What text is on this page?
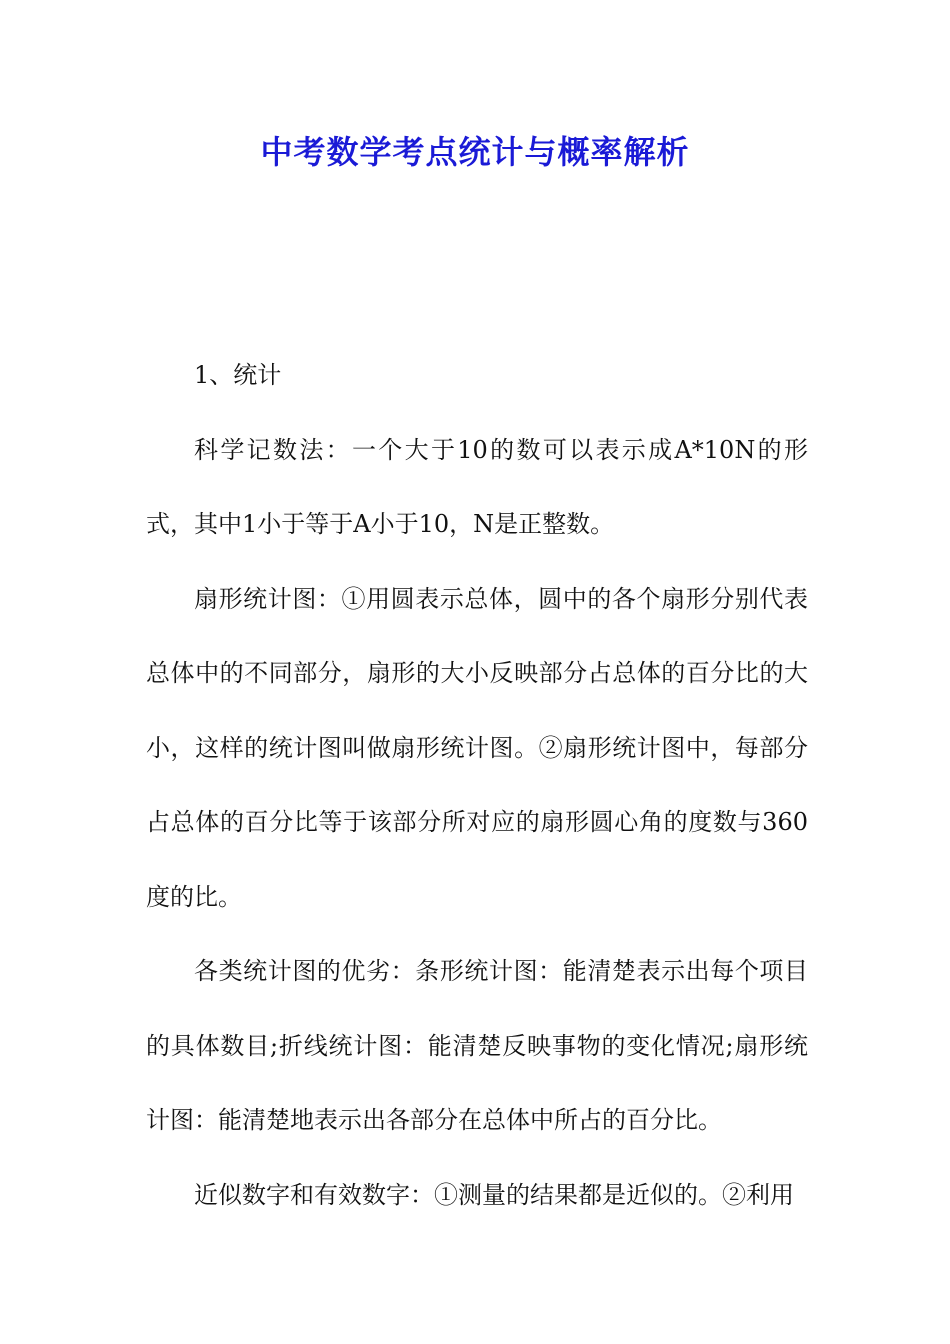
中考数学考点统计与概率解析

1、统计

科学记数法：一个大于10的数可以表示成A*10N的形式，其中1小于等于A小于10，N是正整数。

扇形统计图：①用圆表示总体，圆中的各个扇形分别代表总体中的不同部分，扇形的大小反映部分占总体的百分比的大小，这样的统计图叫做扇形统计图。②扇形统计图中，每部分占总体的百分比等于该部分所对应的扇形圆心角的度数与360度的比。

各类统计图的优劣：条形统计图：能清楚表示出每个项目的具体数目;折线统计图：能清楚反映事物的变化情况;扇形统计图：能清楚地表示出各部分在总体中所占的百分比。

近似数字和有效数字：①测量的结果都是近似的。②利用
